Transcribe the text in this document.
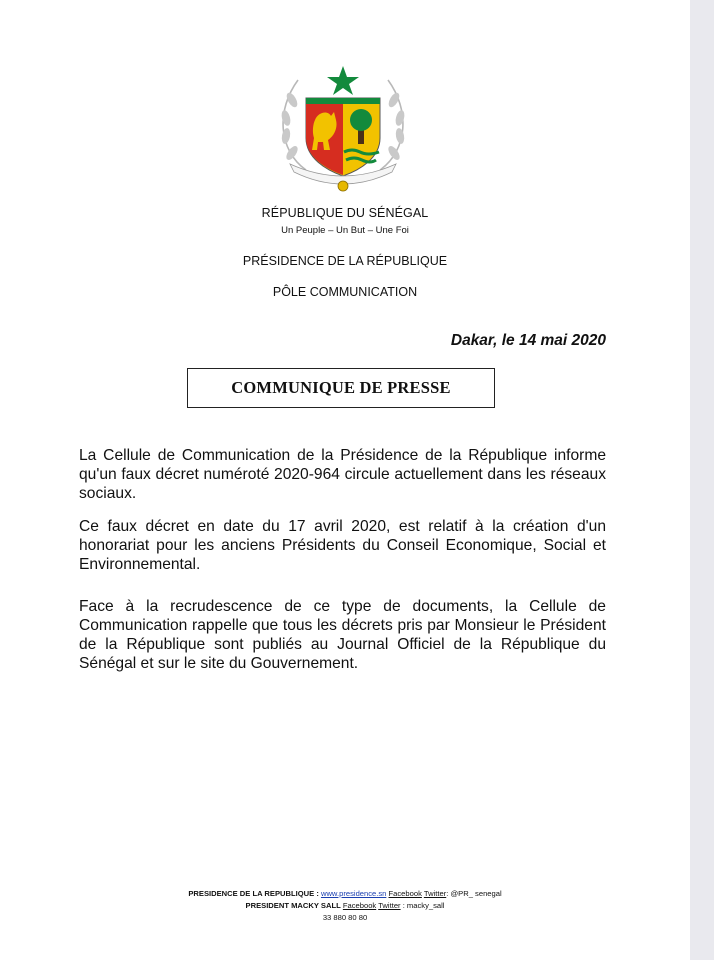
RÉPUBLIQUE DU SÉNÉGAL
Un Peuple – Un But – Une Foi
PRÉSIDENCE DE LA RÉPUBLIQUE
PÔLE COMMUNICATION
Dakar, le 14 mai 2020
COMMUNIQUE DE PRESSE

La Cellule de Communication de la Présidence de la République informe qu'un faux décret numéroté 2020-964 circule actuellement dans les réseaux sociaux.

Ce faux décret en date du 17 avril 2020, est relatif à la création d'un honorariat pour les anciens Présidents du Conseil Economique, Social et Environnemental.

Face à la recrudescence de ce type de documents, la Cellule de Communication rappelle que tous les décrets pris par Monsieur le Président de la République sont publiés au Journal Officiel de la République du Sénégal et sur le site du Gouvernement.

PRESIDENCE DE LA REPUBLIQUE : www.presidence.sn Facebook Twitter: @PR_ senegal
PRESIDENT MACKY SALL Facebook Twitter : macky_sall
33 880 80 80
